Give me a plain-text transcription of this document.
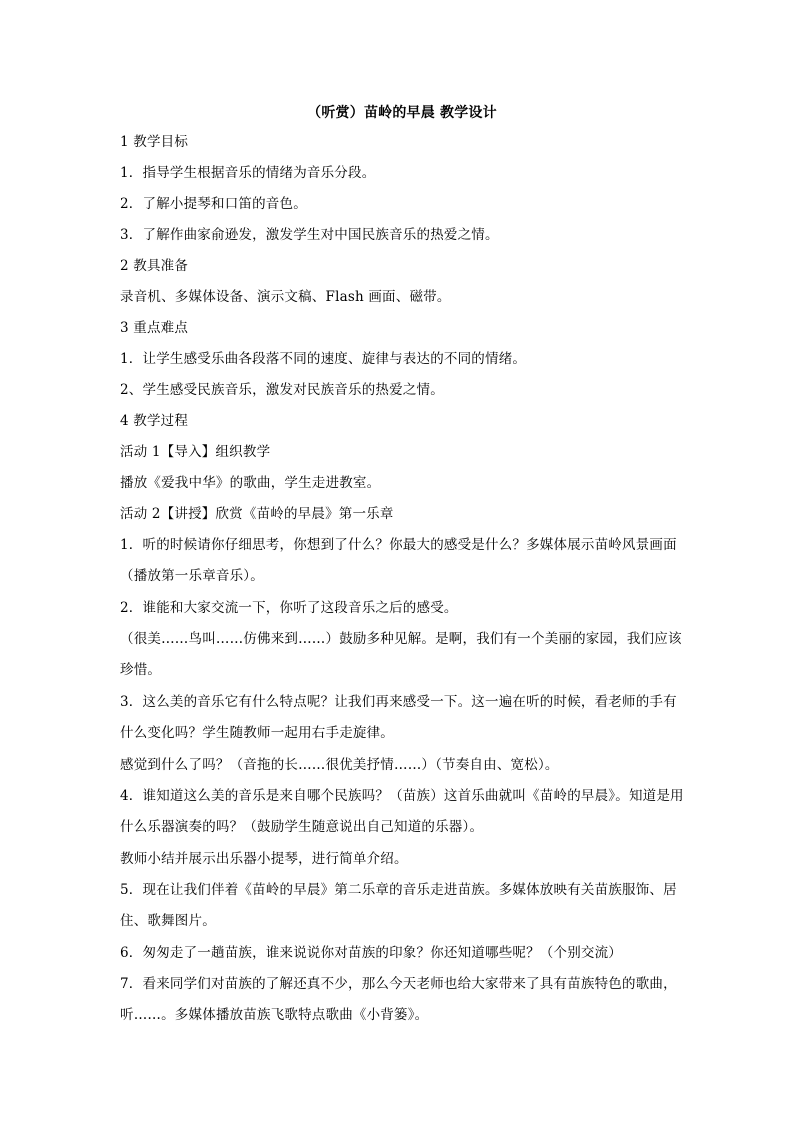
（听赏）苗岭的早晨 教学设计
1 教学目标
1．指导学生根据音乐的情绪为音乐分段。
2．了解小提琴和口笛的音色。
3．了解作曲家俞逊发，激发学生对中国民族音乐的热爱之情。
2 教具准备
录音机、多媒体设备、演示文稿、Flash 画面、磁带。
3 重点难点
1．让学生感受乐曲各段落不同的速度、旋律与表达的不同的情绪。
2、学生感受民族音乐，激发对民族音乐的热爱之情。
4 教学过程
活动 1【导入】组织教学
播放《爱我中华》的歌曲，学生走进教室。
活动 2【讲授】欣赏《苗岭的早晨》第一乐章
1．听的时候请你仔细思考，你想到了什么？你最大的感受是什么？多媒体展示苗岭风景画面（播放第一乐章音乐）。
2．谁能和大家交流一下，你听了这段音乐之后的感受。
（很美……鸟叫……仿佛来到……）鼓励多种见解。是啊，我们有一个美丽的家园，我们应该珍惜。
3．这么美的音乐它有什么特点呢？让我们再来感受一下。这一遍在听的时候，看老师的手有什么变化吗？学生随教师一起用右手走旋律。
感觉到什么了吗？（音拖的长……很优美抒情……）（节奏自由、宽松）。
4．谁知道这么美的音乐是来自哪个民族吗？（苗族）这首乐曲就叫《苗岭的早晨》。知道是用什么乐器演奏的吗？（鼓励学生随意说出自己知道的乐器）。
教师小结并展示出乐器小提琴，进行简单介绍。
5．现在让我们伴着《苗岭的早晨》第二乐章的音乐走进苗族。多媒体放映有关苗族服饰、居住、歌舞图片。
6．匆匆走了一趟苗族，谁来说说你对苗族的印象？你还知道哪些呢？（个别交流）
7．看来同学们对苗族的了解还真不少，那么今天老师也给大家带来了具有苗族特色的歌曲，听……。多媒体播放苗族飞歌特点歌曲《小背篓》。
